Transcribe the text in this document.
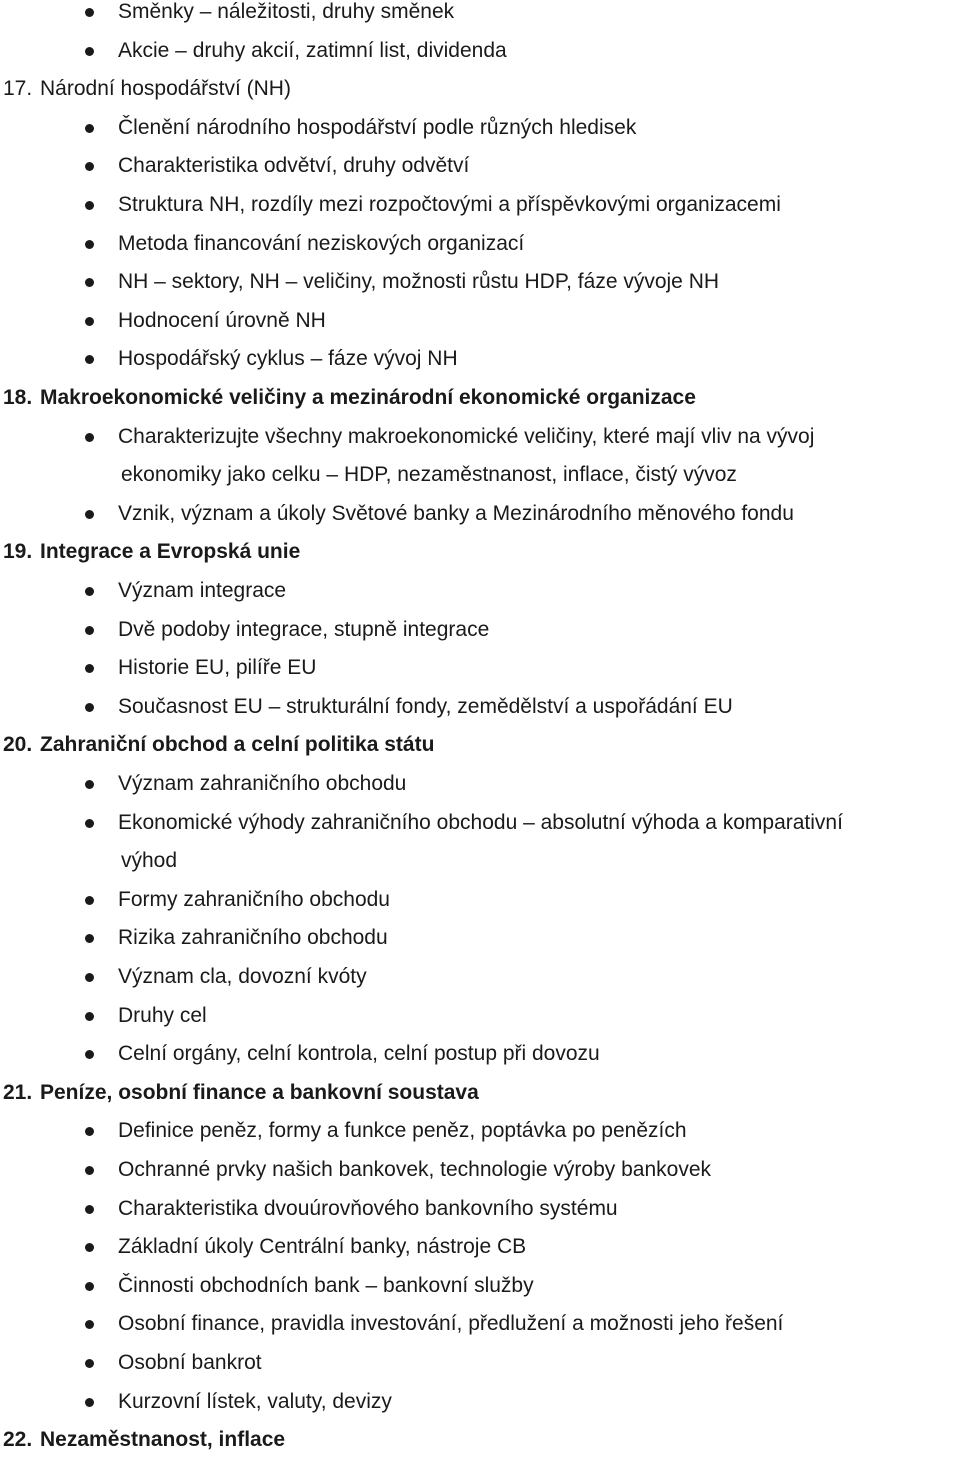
Směnky – náležitosti, druhy směnek
Akcie – druhy akcií, zatimní list, dividenda
17. Národní hospodářství (NH)
Členění národního hospodářství podle různých hledisek
Charakteristika odvětví, druhy odvětví
Struktura NH, rozdíly mezi rozpočtovými a příspěvkovými organizacemi
Metoda financování neziskových organizací
NH – sektory, NH – veličiny, možnosti růstu HDP, fáze vývoje NH
Hodnocení úrovně NH
Hospodářský cyklus – fáze vývoj NH
18. Makroekonomické veličiny a mezinárodní ekonomické organizace
Charakterizujte všechny makroekonomické veličiny, které mají vliv na vývoj
ekonomiky jako celku – HDP, nezaměstnanost, inflace, čistý vývoz
Vznik, význam a úkoly Světové banky a Mezinárodního měnového fondu
19. Integrace a Evropská unie
Význam integrace
Dvě podoby integrace, stupně integrace
Historie EU, pilíře EU
Současnost EU – strukturální fondy, zemědělství a uspořádání EU
20. Zahraniční obchod a celní politika státu
Význam zahraničního obchodu
Ekonomické výhody zahraničního obchodu – absolutní výhoda a komparativní
výhod
Formy zahraničního obchodu
Rizika zahraničního obchodu
Význam cla, dovozní kvóty
Druhy cel
Celní orgány, celní kontrola, celní postup při dovozu
21. Peníze, osobní finance a bankovní soustava
Definice peněz, formy a funkce peněz, poptávka po penězích
Ochranné prvky našich bankovek, technologie výroby bankovek
Charakteristika dvouúrovňového bankovního systému
Základní úkoly Centrální banky, nástroje CB
Činnosti obchodních bank – bankovní služby
Osobní finance, pravidla investování, předlužení a možnosti jeho řešení
Osobní bankrot
Kurzovní lístek, valuty, devizy
22. Nezaměstnanost, inflace
